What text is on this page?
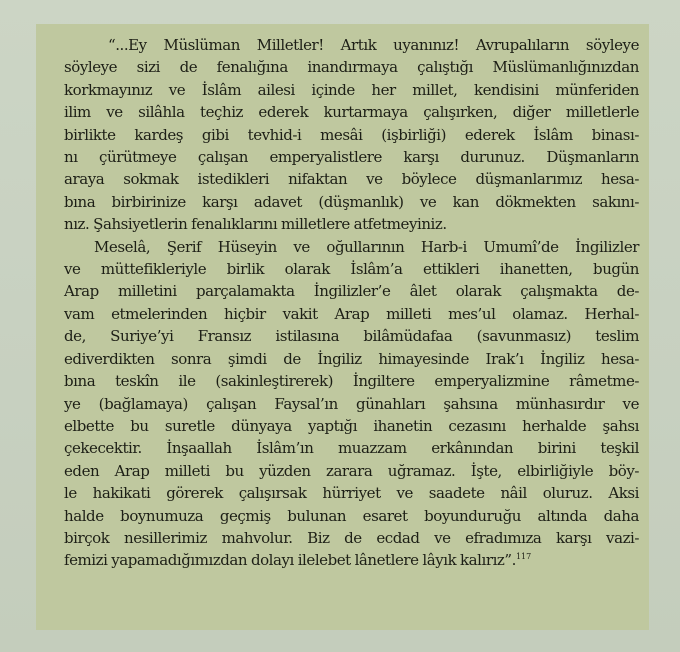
“...Ey Müslüman Milletler! Artık uyanınız! Avrupalıların söyleye
söyleye sizi de fenalığına inandırmaya çalıştığı Müslümanlığınızdan
korkmayınız ve İslâm ailesi içinde her millet, kendisini münferiden
ilim ve silâhla teçhiz ederek kurtarmaya çalışırken, diğer milletlerle
birlikte kardeş gibi tevhid-i mesâi (işbirliği) ederek İslâm binası-
nı çürütmeye çalışan emperyalistlere karşı durunuz. Düşmanların
araya sokmak istedikleri nifaktan ve böylece düşmanlarımız hesa-
bına birbirinize karşı adavet (düşmanlık) ve kan dökmekten sakını-
nız. Şahsiyetlerin fenalıklarını milletlere atfetmeyiniz.

Meselâ, Şerif Hüseyin ve oğullarının Harb-i Umumî’de İngilizler
ve müttefikleriyle birlik olarak İslâm’a ettikleri ihanetten, bugün
Arap milletini parçalamakta İngilizler’e âlet olarak çalışmakta de-
vam etmelerinden hiçbir vakit Arap milleti mes’ul olamaz. Herhal-
de, Suriye’yi Fransız istilasına bilâmüdafaa (savunmasız) teslim
ediverdikten sonra şimdi de İngiliz himayesinde Irak’ı İngiliz hesa-
bına teskîn ile (sakinleştirerek) İngiltere emperyalizmine râmetme-
ye (bağlamaya) çalışan Faysal’ın günahları şahsına münhasırdır ve
elbette bu suretle dünyaya yaptığı ihanetin cezasını herhalde şahsı
çekecektir. İnşaallah İslâm’ın muazzam erkânından birini teşkil
eden Arap milleti bu yüzden zarara uğramaz. İşte, elbirliğiyle böy-
le hakikati görerek çalışırsak hürriyet ve saadete nâil oluruz. Aksi
halde boynumuza geçmiş bulunan esaret boyunduruğu altında daha
birçok nesillerimiz mahvolur. Biz de ecdad ve efradımıza karşı vazi-
femizi yapamadığımızdan dolayı ilelebet lânetlere lâyık kalırız”.$^{117}$
